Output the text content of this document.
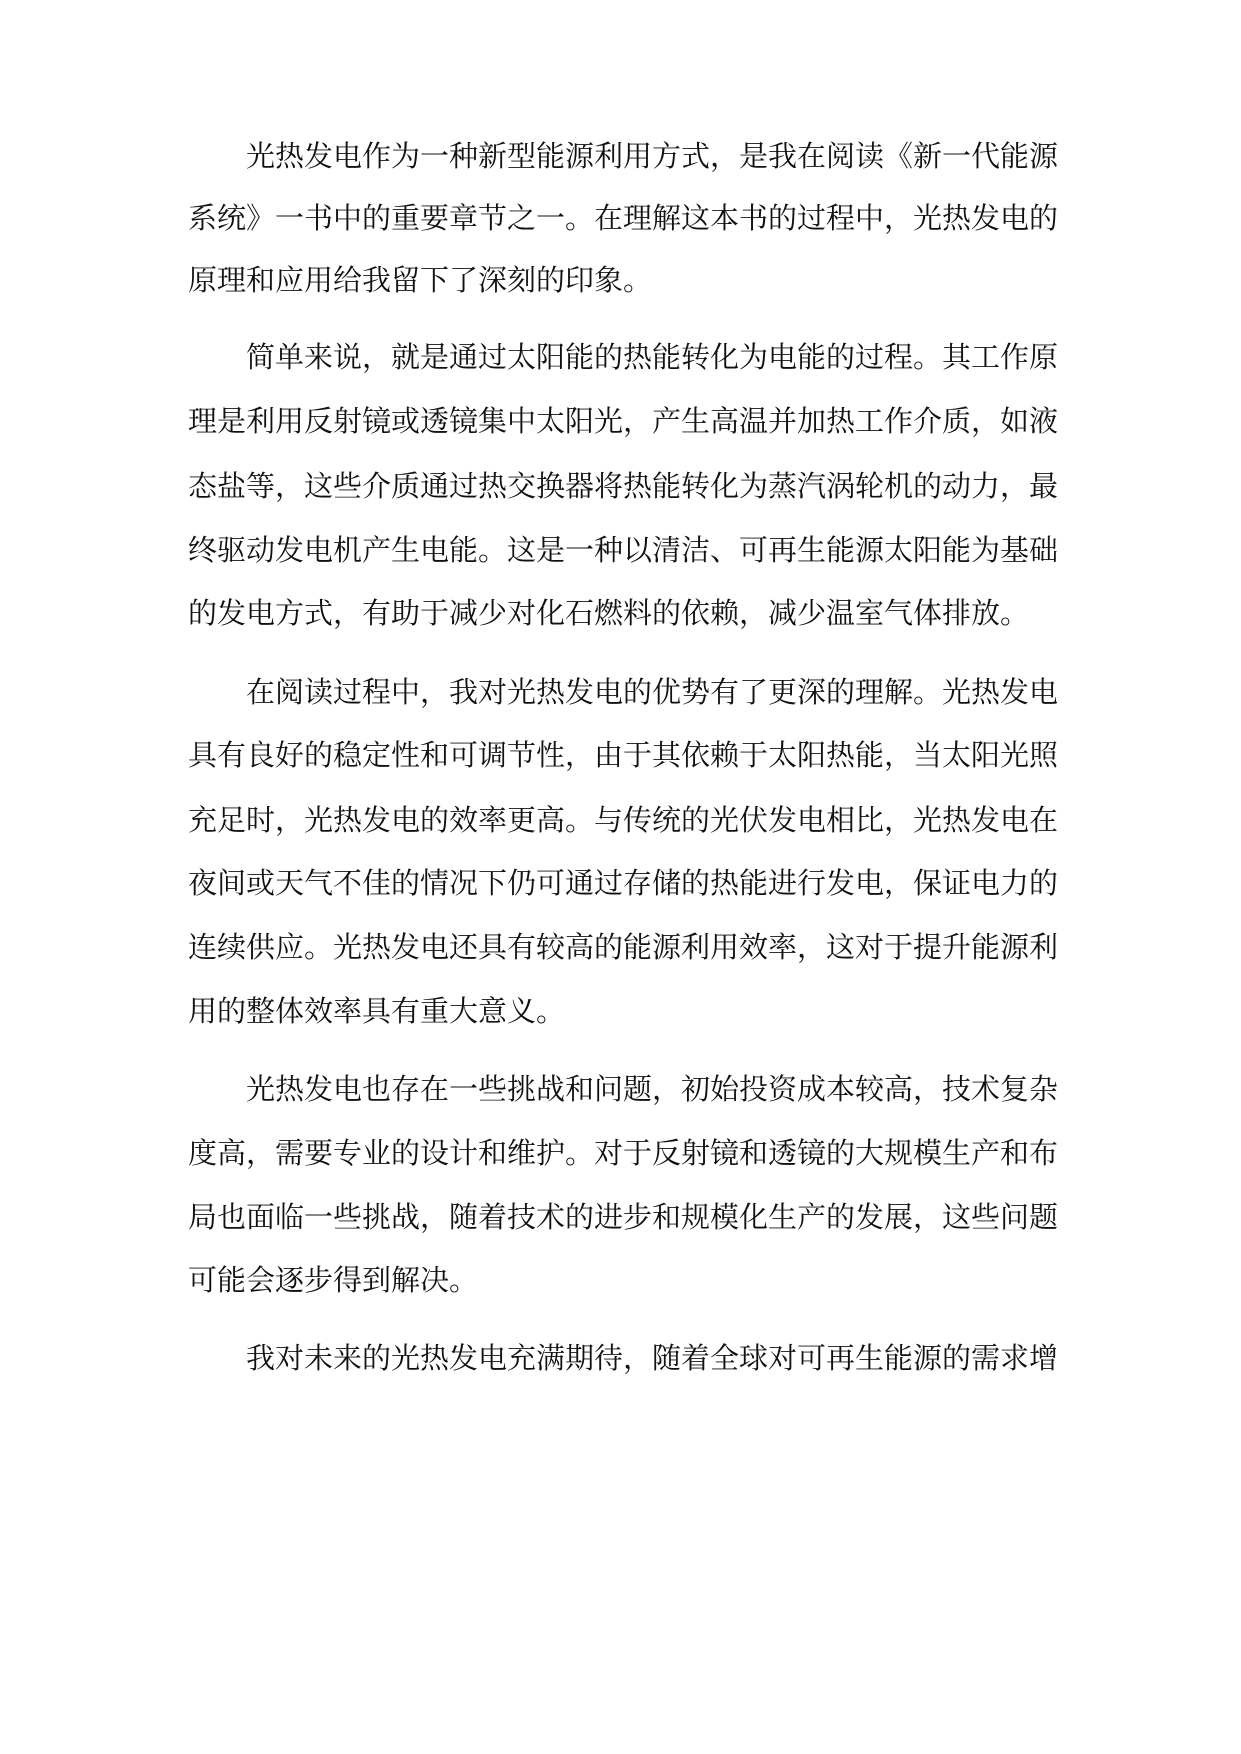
光热发电作为一种新型能源利用方式，是我在阅读《新一代能源
系统》一书中的重要章节之一。在理解这本书的过程中，光热发电的
原理和应用给我留下了深刻的印象。
简单来说，就是通过太阳能的热能转化为电能的过程。其工作原
理是利用反射镜或透镜集中太阳光，产生高温并加热工作介质，如液
态盐等，这些介质通过热交换器将热能转化为蒸汽涡轮机的动力，最
终驱动发电机产生电能。这是一种以清洁、可再生能源太阳能为基础
的发电方式，有助于减少对化石燃料的依赖，减少温室气体排放。
在阅读过程中，我对光热发电的优势有了更深的理解。光热发电
具有良好的稳定性和可调节性，由于其依赖于太阳热能，当太阳光照
充足时，光热发电的效率更高。与传统的光伏发电相比，光热发电在
夜间或天气不佳的情况下仍可通过存储的热能进行发电，保证电力的
连续供应。光热发电还具有较高的能源利用效率，这对于提升能源利
用的整体效率具有重大意义。
光热发电也存在一些挑战和问题，初始投资成本较高，技术复杂
度高，需要专业的设计和维护。对于反射镜和透镜的大规模生产和布
局也面临一些挑战，随着技术的进步和规模化生产的发展，这些问题
可能会逐步得到解决。
我对未来的光热发电充满期待，随着全球对可再生能源的需求增
